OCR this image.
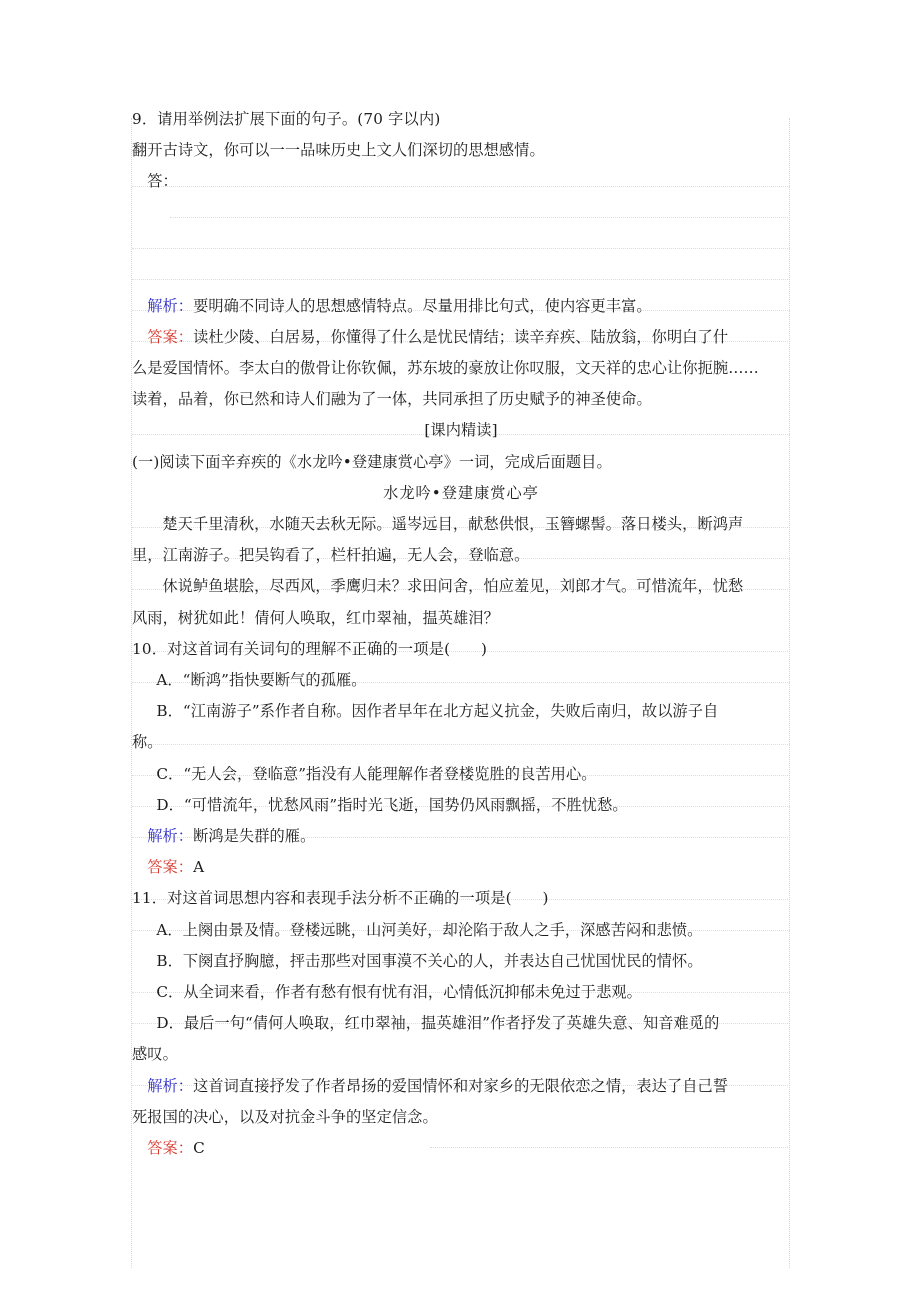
9．请用举例法扩展下面的句子。(70 字以内)
翻开古诗文，你可以一一品味历史上文人们深切的思想感情。
答：
解析：要明确不同诗人的思想感情特点。尽量用排比句式，使内容更丰富。
答案：读杜少陵、白居易，你懂得了什么是忧民情结；读辛弃疾、陆放翁，你明白了什
么是爱国情怀。李太白的傲骨让你钦佩，苏东坡的豪放让你叹服，文天祥的忠心让你扼腕……
读着，品着，你已然和诗人们融为了一体，共同承担了历史赋予的神圣使命。
[课内精读]
(一)阅读下面辛弃疾的《水龙吟•登建康赏心亭》一词，完成后面题目。
水龙吟•登建康赏心亭
楚天千里清秋，水随天去秋无际。遥岑远目，献愁供恨，玉簪螺髻。落日楼头，断鸿声
里，江南游子。把吴钩看了，栏杆拍遍，无人会，登临意。
休说鲈鱼堪脍，尽西风，季鹰归未？求田问舍，怕应羞见，刘郎才气。可惜流年，忧愁
风雨，树犹如此！倩何人唤取，红巾翠袖，揾英雄泪？
10．对这首词有关词句的理解不正确的一项是(　　)
A．“断鸿”指快要断气的孤雁。
B．“江南游子”系作者自称。因作者早年在北方起义抗金，失败后南归，故以游子自
称。
C．“无人会，登临意”指没有人能理解作者登楼览胜的良苦用心。
D．“可惜流年，忧愁风雨”指时光飞逝，国势仍风雨飘摇，不胜忧愁。
解析：断鸿是失群的雁。
答案：A
11．对这首词思想内容和表现手法分析不正确的一项是(　　)
A．上阕由景及情。登楼远眺，山河美好，却沦陷于敌人之手，深感苦闷和悲愤。
B．下阕直抒胸臆，抨击那些对国事漠不关心的人，并表达自己忧国忧民的情怀。
C．从全词来看，作者有愁有恨有忧有泪，心情低沉抑郁未免过于悲观。
D．最后一句“倩何人唤取，红巾翠袖，揾英雄泪”作者抒发了英雄失意、知音难觅的
感叹。
解析：这首词直接抒发了作者昂扬的爱国情怀和对家乡的无限依恋之情，表达了自己誓
死报国的决心，以及对抗金斗争的坚定信念。
答案：C
